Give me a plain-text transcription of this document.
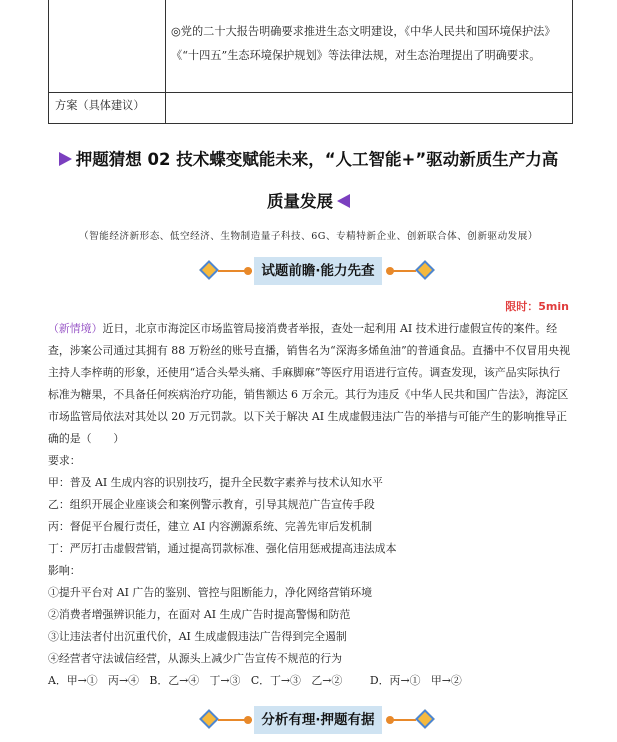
◎党的二十大报告明确要求推进生态文明建设，《中华人民共和国环境保护法》《“十四五”生态环境保护规划》等法律法规，对生态治理提出了明确要求。
方案（具体建议）
押题猜想 02 技术蝶变赋能未来，“人工智能+”驱动新质生产力高
质量发展
（智能经济新形态、低空经济、生物制造量子科技、6G、专精特新企业、创新联合体、创新驱动发展）
试题前瞻·能力先查
限时：5min

（新情境）近日，北京市海淀区市场监管局接消费者举报，查处一起利用 AI 技术进行虚假宣传的案件。经查，涉案公司通过其拥有 88 万粉丝的账号直播，销售名为“深海多烯鱼油”的普通食品。直播中不仅冒用央视主持人李梓萌的形象，还使用“适合头晕头痛、手麻脚麻”等医疗用语进行宣传。调查发现，该产品实际执行标准为糖果，不具备任何疾病治疗功能，销售额达 6 万余元。其行为违反《中华人民共和国广告法》，海淀区市场监管局依法对其处以 20 万元罚款。以下关于解决 AI 生成虚假违法广告的举措与可能产生的影响推导正确的是（　　）

要求：

甲：普及 AI 生成内容的识别技巧，提升全民数字素养与技术认知水平

乙：组织开展企业座谈会和案例警示教育，引导其规范广告宣传手段

丙：督促平台履行责任，建立 AI 内容溯源系统、完善先审后发机制

丁：严厉打击虚假营销，通过提高罚款标准、强化信用惩戒提高违法成本

影响：

①提升平台对 AI 广告的鉴别、管控与阻断能力，净化网络营销环境

②消费者增强辨识能力，在面对 AI 生成广告时提高警惕和防范

③让违法者付出沉重代价，AI 生成虚假违法广告得到完全遏制

④经营者守法诚信经营，从源头上减少广告宣传不规范的行为

A．甲→①   丙→④   B．乙→④   丁→③   C．丁→③   乙→②        D．丙→①   甲→②

分析有理·押题有据
